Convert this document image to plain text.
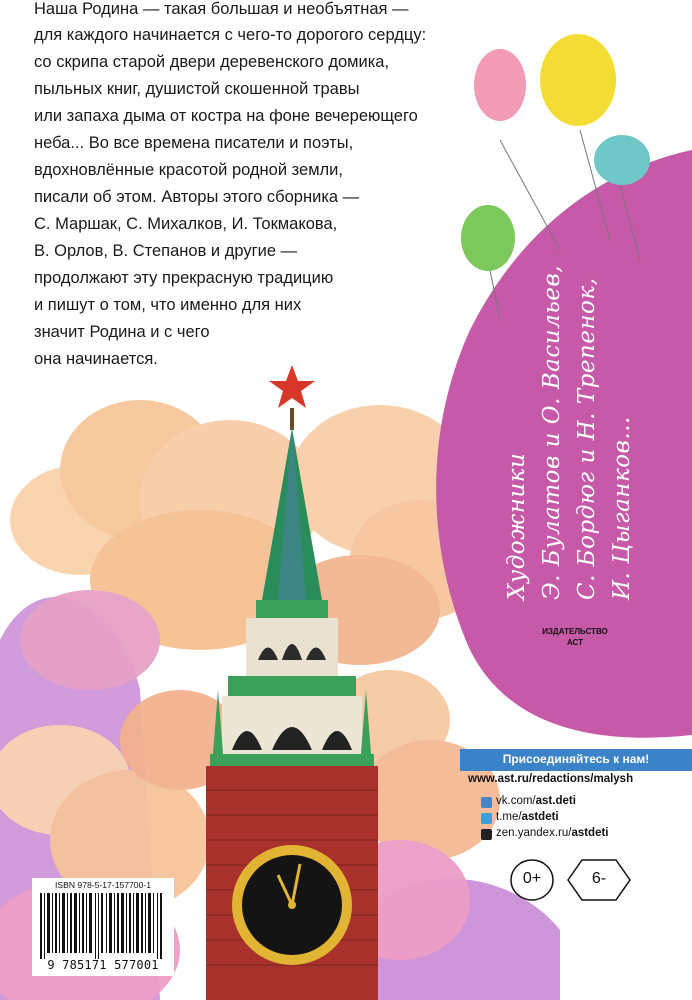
Наша Родина — такая большая и необъятная —
для каждого начинается с чего-то дорогого сердцу:
со скрипа старой двери деревенского домика,
пыльных книг, душистой скошенной травы
или запаха дыма от костра на фоне вечереющего
неба... Во все времена писатели и поэты,
вдохновлённые красотой родной земли,
писали об этом. Авторы этого сборника —
С. Маршак, С. Михалков, И. Токмакова,
В. Орлов, В. Степанов и другие —
продолжают эту прекрасную традицию
и пишут о том, что именно для них
значит Родина и с чего
она начинается.
Художники Э. Булатов и О. Васильев, С. Бордюг и Н. Трепенок, И. Цыганков...
ИЗДАТЕЛЬСТВО
АСТ
Присоединяйтесь к нам!
www.ast.ru/redactions/malysh
vk.com/ast.deti
t.me/astdeti
zen.yandex.ru/astdeti
0+	6-
ISBN 978-5-17-157700-1
9 785171 577001
